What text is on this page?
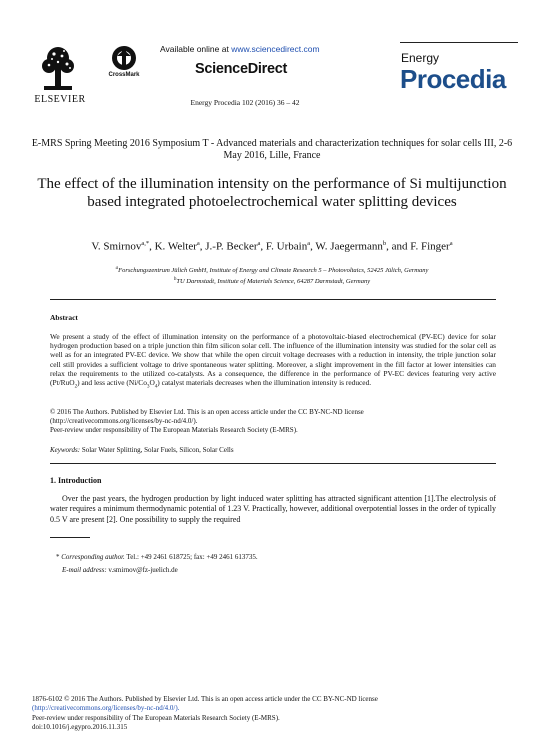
ELSEVIER
CrossMark
Available online at www.sciencedirect.com
ScienceDirect
Energy Procedia 102 (2016) 36 – 42
Energy
Procedia
E-MRS Spring Meeting 2016 Symposium T - Advanced materials and characterization techniques for solar cells III, 2-6 May 2016, Lille, France
The effect of the illumination intensity on the performance of Si multijunction based integrated photoelectrochemical water splitting devices
V. Smirnov$^{a,*}$, K. Welter$^a$, J.-P. Becker$^a$, F. Urbain$^a$, W. Jaegermann$^b$, and F. Finger$^a$
$^a$Forschungszentrum Jülich GmbH, Institute of Energy and Climate Research 5 – Photovoltaics, 52425 Jülich, Germany
$^b$TU Darmstadt, Institute of Materials Science, 64287 Darmstadt, Germany
Abstract
We present a study of the effect of illumination intensity on the performance of a photovoltaic-biased electrochemical (PV-EC) device for solar hydrogen production based on a triple junction thin film silicon solar cell. The influence of the illumination intensity was studied for the solar cell as well as for an integrated PV-EC device. We show that while the open circuit voltage decreases with a reduction in intensity, the triple junction solar cell still provides a sufficient voltage to drive spontaneous water splitting. Moreover, a slight improvement in the fill factor at lower intensities can relax the requirements to the utilized co-catalysts. As a consequence, the difference in the performance of PV-EC devices featuring very active (Pt/RuO$_2$) and less active $(Ni/Co_3O_4)$ catalyst materials decreases when the illumination intensity is reduced.
© 2016 The Authors. Published by Elsevier Ltd. This is an open access article under the CC BY-NC-ND license
(http://creativecommons.org/licenses/by-nc-nd/4.0/).
Peer-review under responsibility of The European Materials Research Society (E-MRS).
Keywords: Solar Water Splitting, Solar Fuels, Silicon, Solar Cells
1. Introduction
Over the past years, the hydrogen production by light induced water splitting has attracted significant attention [1].The electrolysis of water requires a minimum thermodynamic potential of 1.23 V. Practically, however, additional overpotential losses in the order of typically 0.5 V are present [2]. One possibility to supply the required
* Corresponding author. Tel.: +49 2461 618725; fax: +49 2461 613735.
E-mail address: v.smirnov@fz-juelich.de
1876-6102 © 2016 The Authors. Published by Elsevier Ltd. This is an open access article under the CC BY-NC-ND license
(http://creativecommons.org/licenses/by-nc-nd/4.0/).
Peer-review under responsibility of The European Materials Research Society (E-MRS).
doi:10.1016/j.egypro.2016.11.315
